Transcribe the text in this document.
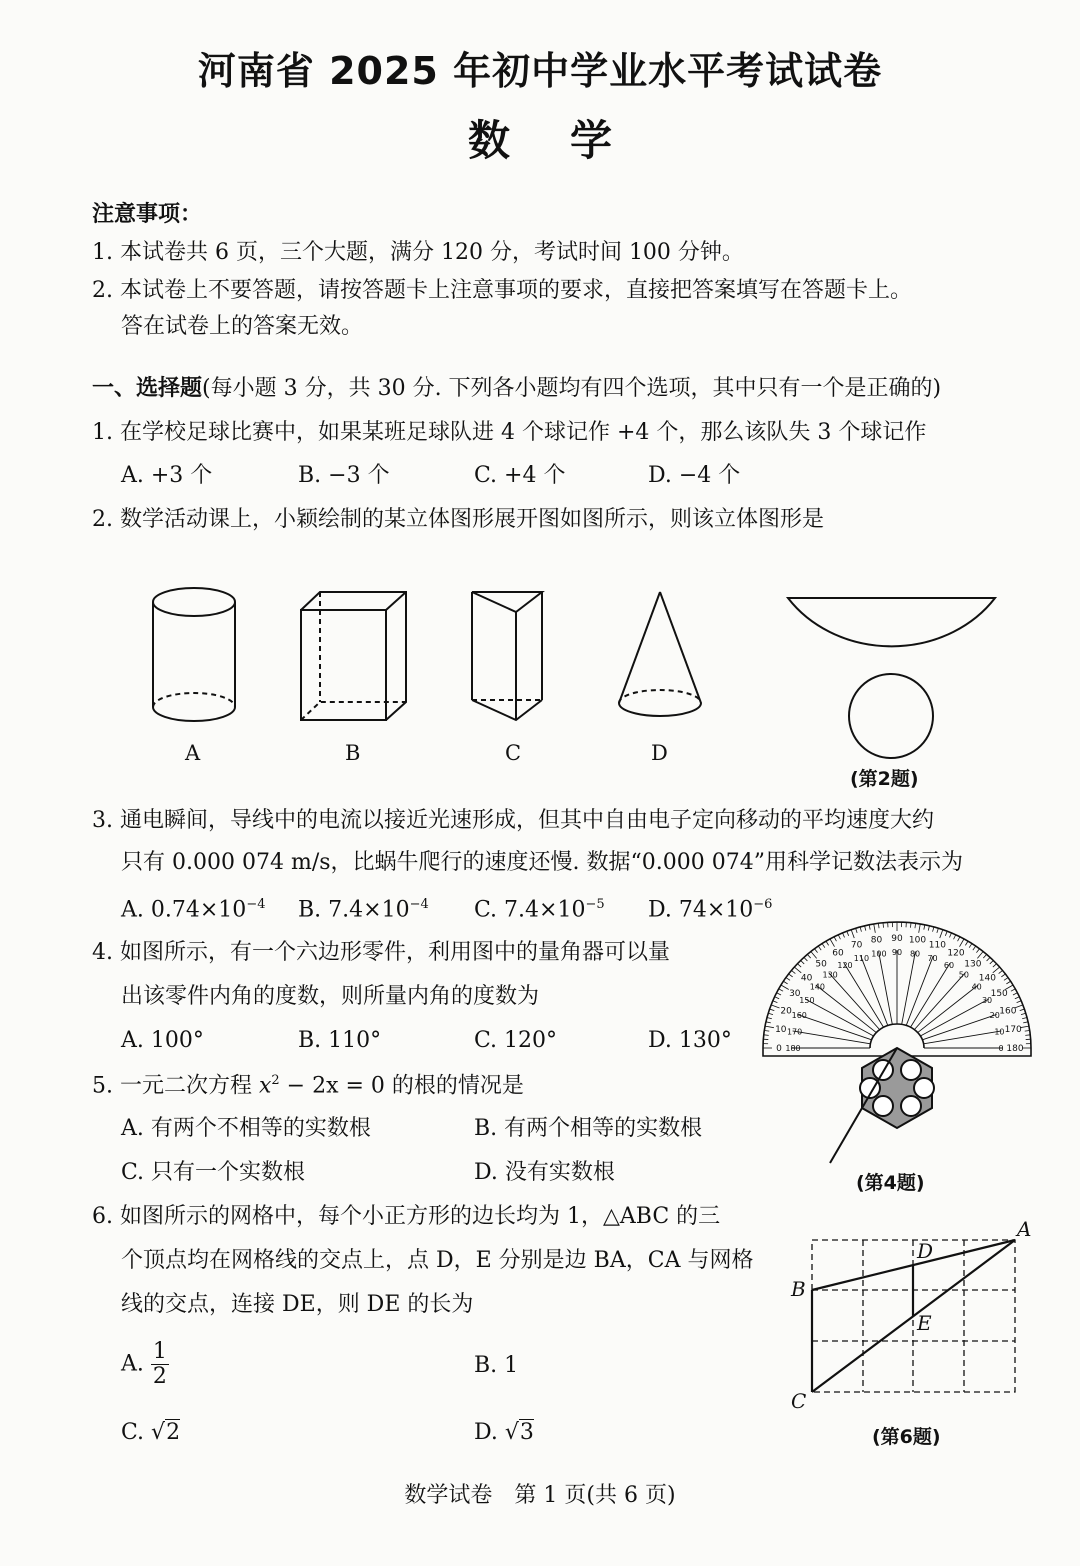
河南省 2025 年初中学业水平考试试卷
数学
注意事项：
1. 本试卷共 6 页，三个大题，满分 120 分，考试时间 100 分钟。
2. 本试卷上不要答题，请按答题卡上注意事项的要求，直接把答案填写在答题卡上。
答在试卷上的答案无效。
一、选择题(每小题 3 分，共 30 分. 下列各小题均有四个选项，其中只有一个是正确的)
1. 在学校足球比赛中，如果某班足球队进 4 个球记作 +4 个，那么该队失 3 个球记作
A. +3 个	B. −3 个	C. +4 个	D. −4 个
2. 数学活动课上，小颖绘制的某立体图形展开图如图所示，则该立体图形是
A	B	C	D
(第2题)
3. 通电瞬间，导线中的电流以接近光速形成，但其中自由电子定向移动的平均速度大约
只有 0.000 074 m/s，比蜗牛爬行的速度还慢. 数据“0.000 074”用科学记数法表示为
A. $0.74\times 10^{-4}$ B. $7.4\times 10^{-4}$ C. $7.4\times 10^{-5}$ D. $74\times 10^{-6}$
4. 如图所示，有一个六边形零件，利用图中的量角器可以量
出该零件内角的度数，则所量内角的度数为
A. 100°	B. 110°	C. 120°	D. 130°	0
10
20
30
40
50
60
70 80 90 100 110
120
130
140
150
160
170
180
180
170
160
150
140
130
120
110 100 90 80 70
60
50
40
30
20
10
0
(第4题)
5. 一元二次方程 $x^2 - 2x = 0$ 的根的情况是
A. 有两个不相等的实数根	B. 有两个相等的实数根
C. 只有一个实数根	D. 没有实数根
6. 如图所示的网格中，每个小正方形的边长均为 1，△ABC 的三
个顶点均在网格线的交点上，点 D，E 分别是边 BA，CA 与网格
线的交点，连接 DE，则 DE 的长为
A. $\frac{1}{2}$	B. 1
C. √2	D. √3
A
B
C
D
E
(第6题)
数学试卷　第 1 页(共 6 页)
